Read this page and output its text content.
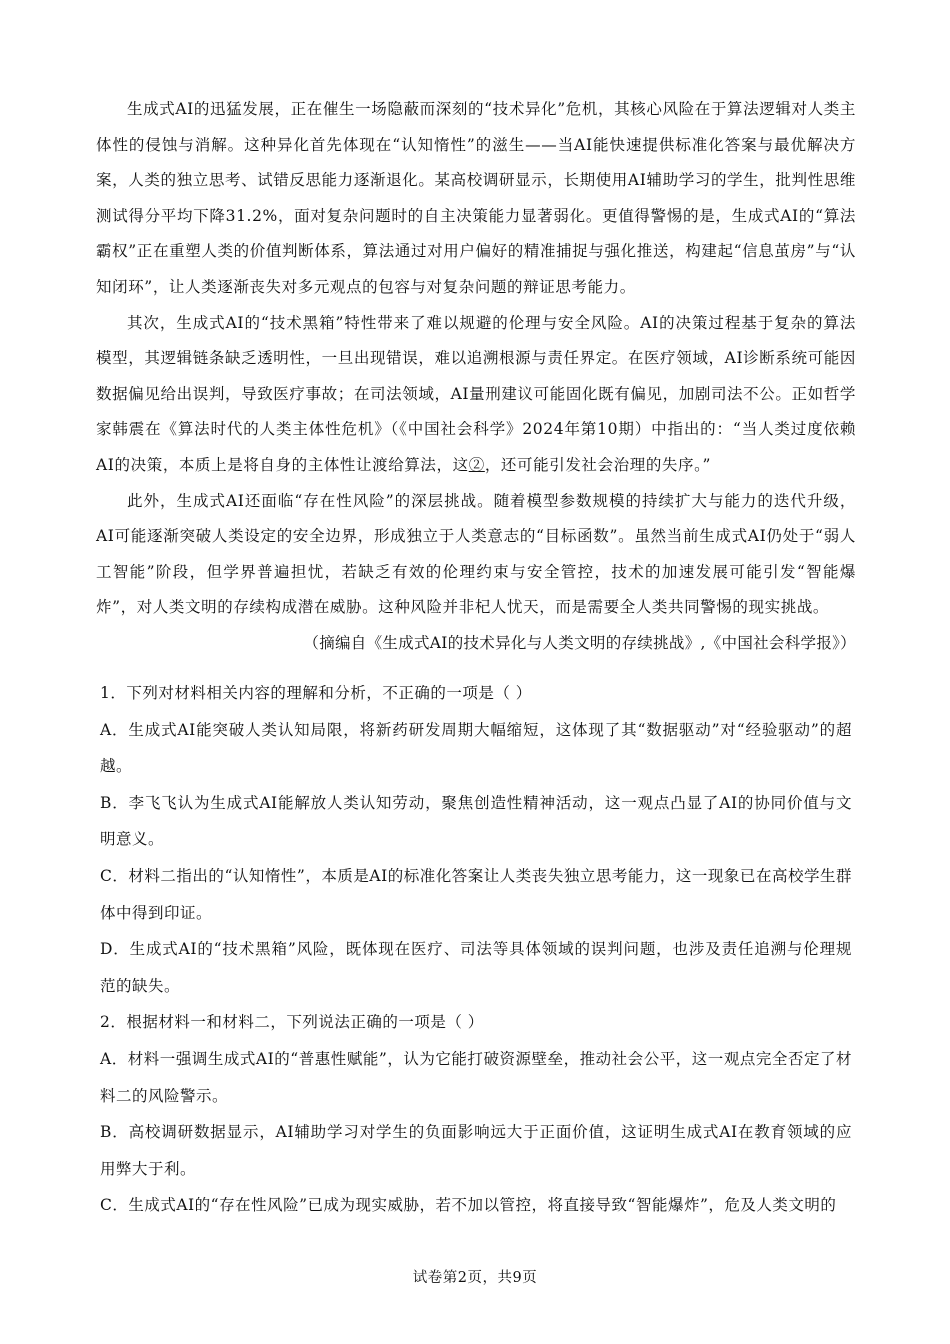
生成式AI的迅猛发展，正在催生一场隐蔽而深刻的“技术异化”危机，其核心风险在于算法逻辑对人类主体性的侵蚀与消解。这种异化首先体现在“认知惰性”的滋生——当AI能快速提供标准化答案与最优解决方案，人类的独立思考、试错反思能力逐渐退化。某高校调研显示，长期使用AI辅助学习的学生，批判性思维测试得分平均下降31.2%，面对复杂问题时的自主决策能力显著弱化。更值得警惕的是，生成式AI的“算法霸权”正在重塑人类的价值判断体系，算法通过对用户偏好的精准捕捉与强化推送，构建起“信息茧房”与“认知闭环”，让人类逐渐丧失对多元观点的包容与对复杂问题的辩证思考能力。

其次，生成式AI的“技术黑箱”特性带来了难以规避的伦理与安全风险。AI的决策过程基于复杂的算法模型，其逻辑链条缺乏透明性，一旦出现错误，难以追溯根源与责任界定。在医疗领域，AI诊断系统可能因数据偏见给出误判，导致医疗事故；在司法领域，AI量刑建议可能固化既有偏见，加剧司法不公。正如哲学家韩震在《算法时代的人类主体性危机》（《中国社会科学》2024年第10期）中指出的：“当人类过度依赖AI的决策，本质上是将自身的主体性让渡给算法，这②，还可能引发社会治理的失序。”

此外，生成式AI还面临“存在性风险”的深层挑战。随着模型参数规模的持续扩大与能力的迭代升级，AI可能逐渐突破人类设定的安全边界，形成独立于人类意志的“目标函数”。虽然当前生成式AI仍处于“弱人工智能”阶段，但学界普遍担忧，若缺乏有效的伦理约束与安全管控，技术的加速发展可能引发“智能爆炸”，对人类文明的存续构成潜在威胁。这种风险并非杞人忧天，而是需要全人类共同警惕的现实挑战。

（摘编自《生成式AI的技术异化与人类文明的存续挑战》,《中国社会科学报》）

1．下列对材料相关内容的理解和分析，不正确的一项是（ ）

A．生成式AI能突破人类认知局限，将新药研发周期大幅缩短，这体现了其“数据驱动”对“经验驱动”的超越。

B．李飞飞认为生成式AI能解放人类认知劳动，聚焦创造性精神活动，这一观点凸显了AI的协同价值与文明意义。

C．材料二指出的“认知惰性”，本质是AI的标准化答案让人类丧失独立思考能力，这一现象已在高校学生群体中得到印证。

D．生成式AI的“技术黑箱”风险，既体现在医疗、司法等具体领域的误判问题，也涉及责任追溯与伦理规范的缺失。

2．根据材料一和材料二，下列说法正确的一项是（ ）

A．材料一强调生成式AI的“普惠性赋能”，认为它能打破资源壁垒，推动社会公平，这一观点完全否定了材料二的风险警示。

B．高校调研数据显示，AI辅助学习对学生的负面影响远大于正面价值，这证明生成式AI在教育领域的应用弊大于利。

C．生成式AI的“存在性风险”已成为现实威胁，若不加以管控，将直接导致“智能爆炸”，危及人类文明的

试卷第2页，共9页
